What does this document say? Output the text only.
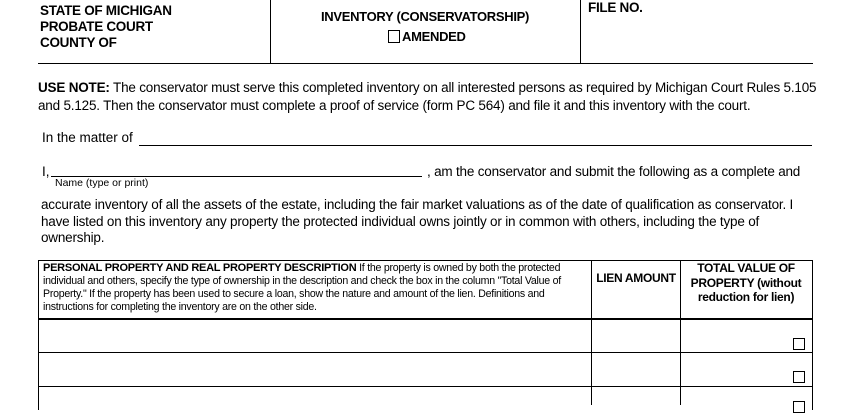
STATE OF MICHIGAN
PROBATE COURT
COUNTY OF
INVENTORY (CONSERVATORSHIP)
AMENDED
FILE NO.
USE NOTE: The conservator must serve this completed inventory on all interested persons as required by Michigan Court Rules 5.105 and 5.125. Then the conservator must complete a proof of service (form PC 564) and file it and this inventory with the court.
In the matter of
I,
Name (type or print)
, am the conservator and submit the following as a complete and
accurate inventory of all the assets of the estate, including the fair market valuations as of the date of qualification as conservator. I have listed on this inventory any property the protected individual owns jointly or in common with others, including the type of ownership.
PERSONAL PROPERTY AND REAL PROPERTY DESCRIPTION If the property is owned by both the protected individual and others, specify the type of ownership in the description and check the box in the column "Total Value of Property." If the property has been used to secure a loan, show the nature and amount of the lien. Definitions and instructions for completing the inventory are on the other side.
LIEN AMOUNT
TOTAL VALUE OF PROPERTY (without reduction for lien)
